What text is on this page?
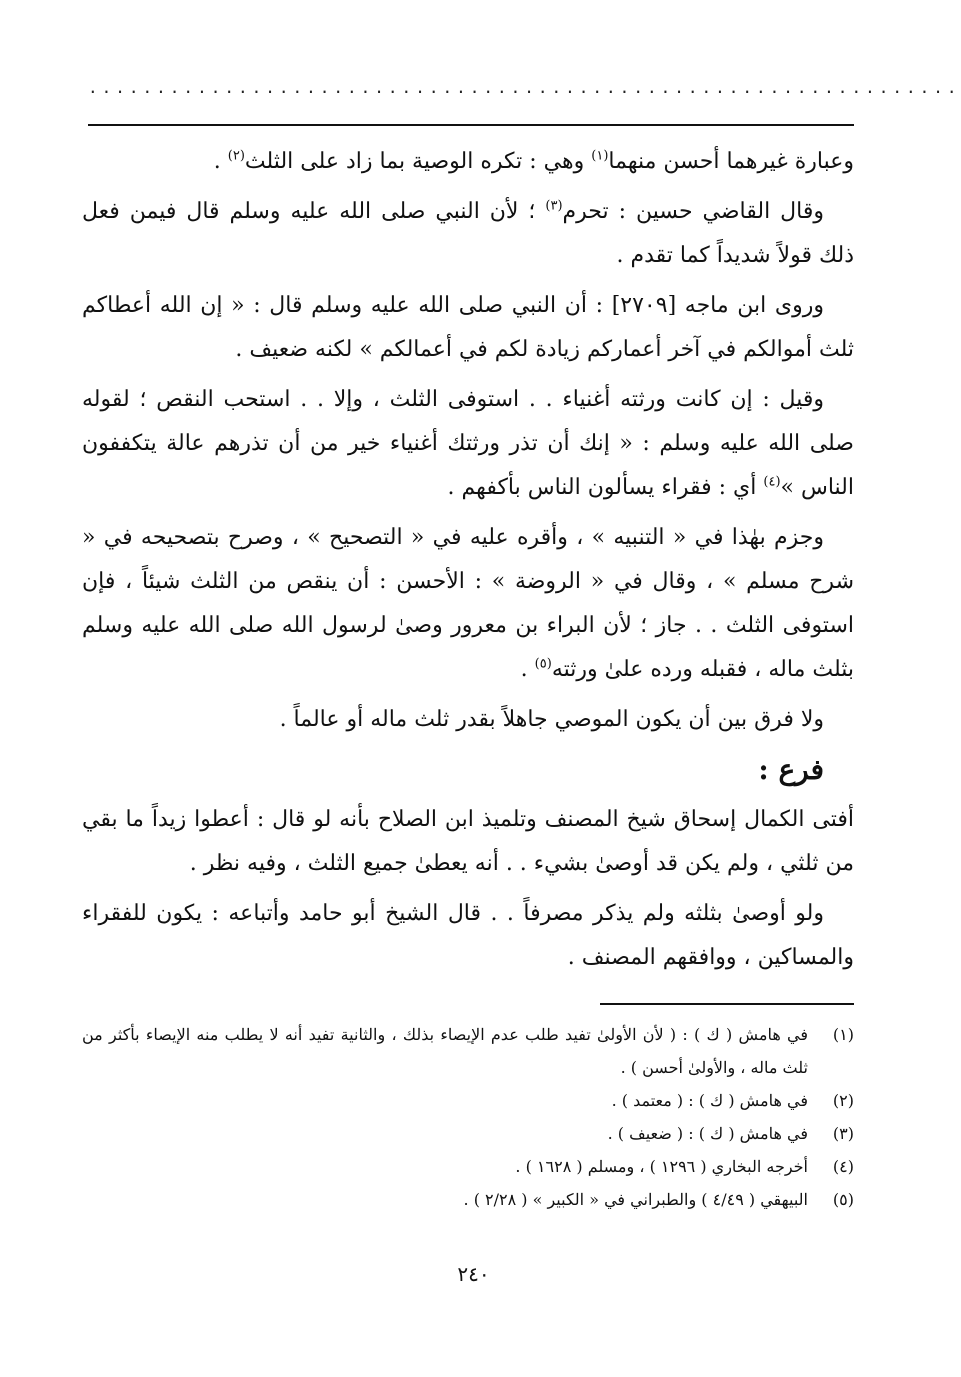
................................................................

وعبارة غيرهما أحسن منهما$^{(١)}$ وهي : تكره الوصية بما زاد على الثلث$^{(٢)}$ .

وقال القاضي حسين : تحرم$^{(٣)}$ ؛ لأن النبي صلى الله عليه وسلم قال فيمن فعل ذلك قولاً شديداً كما تقدم .

وروى ابن ماجه [٢٧٠٩] : أن النبي صلى الله عليه وسلم قال : « إن الله أعطاكم ثلث أموالكم في آخر أعماركم زيادة لكم في أعمالكم » لكنه ضعيف .

وقيل : إن كانت ورثته أغنياء . . استوفى الثلث ، وإلا . . استحب النقص ؛ لقوله صلى الله عليه وسلم : « إنك أن تذر ورثتك أغنياء خير من أن تذرهم عالة يتكففون الناس »$^{(٤)}$ أي : فقراء يسألون الناس بأكفهم .

وجزم بهٰذا في « التنبيه » ، وأقره عليه في « التصحيح » ، وصرح بتصحيحه في « شرح مسلم » ، وقال في « الروضة » : الأحسن : أن ينقص من الثلث شيئاً ، فإن استوفى الثلث . . جاز ؛ لأن البراء بن معرور وصىٰ لرسول الله صلى الله عليه وسلم بثلث ماله ، فقبله ورده علىٰ ورثته$^{(٥)}$ .

ولا فرق بين أن يكون الموصي جاهلاً بقدر ثلث ماله أو عالماً .

فرع :

أفتى الكمال إسحاق شيخ المصنف وتلميذ ابن الصلاح بأنه لو قال : أعطوا زيداً ما بقي من ثلثي ، ولم يكن قد أوصىٰ بشيء . . أنه يعطىٰ جميع الثلث ، وفيه نظر .

ولو أوصىٰ بثلثه ولم يذكر مصرفاً . . قال الشيخ أبو حامد وأتباعه : يكون للفقراء والمساكين ، ووافقهم المصنف .

(١)
في هامش ( ك ) : ( لأن الأولىٰ تفيد طلب عدم الإيصاء بذلك ، والثانية تفيد أنه لا يطلب منه الإيصاء بأكثر من ثلث ماله ، والأولىٰ أحسن ) .
(٢)
في هامش ( ك ) : ( معتمد ) .
(٣)
في هامش ( ك ) : ( ضعيف ) .
(٤)
أخرجه البخاري ( ١٢٩٦ ) ، ومسلم ( ١٦٢٨ ) .
(٥)
البيهقي ( ٤/٤٩ ) والطبراني في « الكبير » ( ٢/٢٨ ) .
٢٤٠
